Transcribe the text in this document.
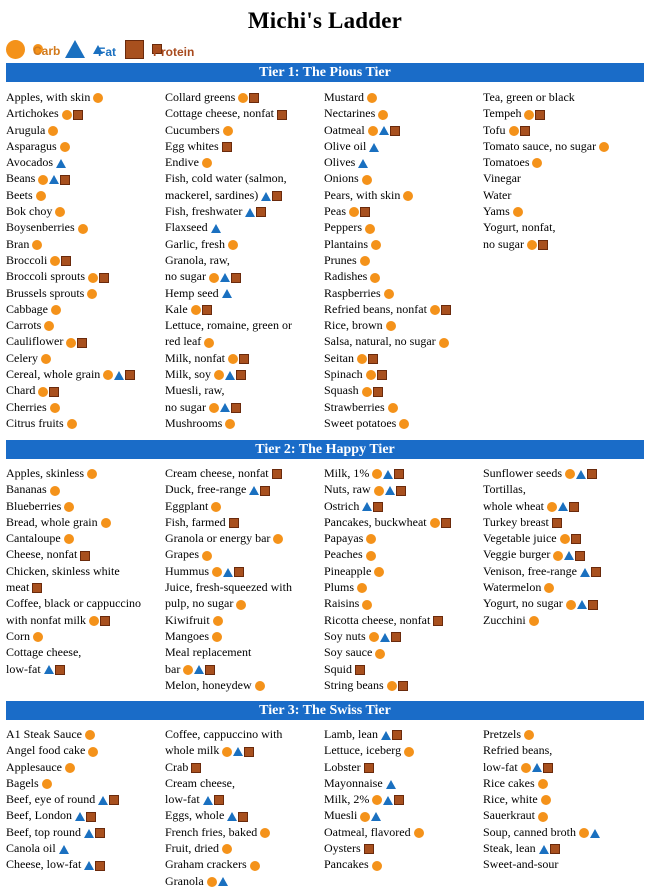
Michi's Ladder
Carb	Fat	Protein
Tier 1: The Pious Tier
Apples, with skin
Artichokes
Arugula
Asparagus
Avocados
Beans
Beets
Bok choy
Boysenberries
Bran
Broccoli
Broccoli sprouts
Brussels sprouts
Cabbage
Carrots
Cauliflower
Celery
Cereal, whole grain
Chard
Cherries
Citrus fruits
Collard greens
Cottage cheese, nonfat
Cucumbers
Egg whites
Endive
Fish, cold water (salmon,
mackerel, sardines)
Fish, freshwater
Flaxseed
Garlic, fresh
Granola, raw,
no sugar
Hemp seed
Kale
Lettuce, romaine, green or
red leaf
Milk, nonfat
Milk, soy
Muesli, raw,
no sugar
Mushrooms
Mustard
Nectarines
Oatmeal
Olive oil
Olives
Onions
Pears, with skin
Peas
Peppers
Plantains
Prunes
Radishes
Raspberries
Refried beans, nonfat
Rice, brown
Salsa, natural, no sugar
Seitan
Spinach
Squash
Strawberries
Sweet potatoes
Tea, green or black
Tempeh
Tofu
Tomato sauce, no sugar
Tomatoes
Vinegar
Water
Yams
Yogurt, nonfat,
no sugar
Tier 2: The Happy Tier
Apples, skinless
Bananas
Blueberries
Bread, whole grain
Cantaloupe
Cheese, nonfat
Chicken, skinless white
meat
Coffee, black or cappuccino
with nonfat milk
Corn
Cottage cheese,
low-fat
Cream cheese, nonfat
Duck, free-range
Eggplant
Fish, farmed
Granola or energy bar
Grapes
Hummus
Juice, fresh-squeezed with
pulp, no sugar
Kiwifruit
Mangoes
Meal replacement
bar
Melon, honeydew
Milk, 1%
Nuts, raw
Ostrich
Pancakes, buckwheat
Papayas
Peaches
Pineapple
Plums
Raisins
Ricotta cheese, nonfat
Soy nuts
Soy sauce
Squid
String beans
Sunflower seeds
Tortillas,
whole wheat
Turkey breast
Vegetable juice
Veggie burger
Venison, free-range
Watermelon
Yogurt, no sugar
Zucchini
Tier 3: The Swiss Tier
A1 Steak Sauce
Angel food cake
Applesauce
Bagels
Beef, eye of round
Beef, London
Beef, top round
Canola oil
Cheese, low-fat
Coffee, cappuccino with
whole milk
Crab
Cream cheese,
low-fat
Eggs, whole
French fries, baked
Fruit, dried
Graham crackers
Granola
Lamb, lean
Lettuce, iceberg
Lobster
Mayonnaise
Milk, 2%
Muesli
Oatmeal, flavored
Oysters
Pancakes
Pretzels
Refried beans,
low-fat
Rice cakes
Rice, white
Sauerkraut
Soup, canned broth
Steak, lean
Sweet-and-sour
